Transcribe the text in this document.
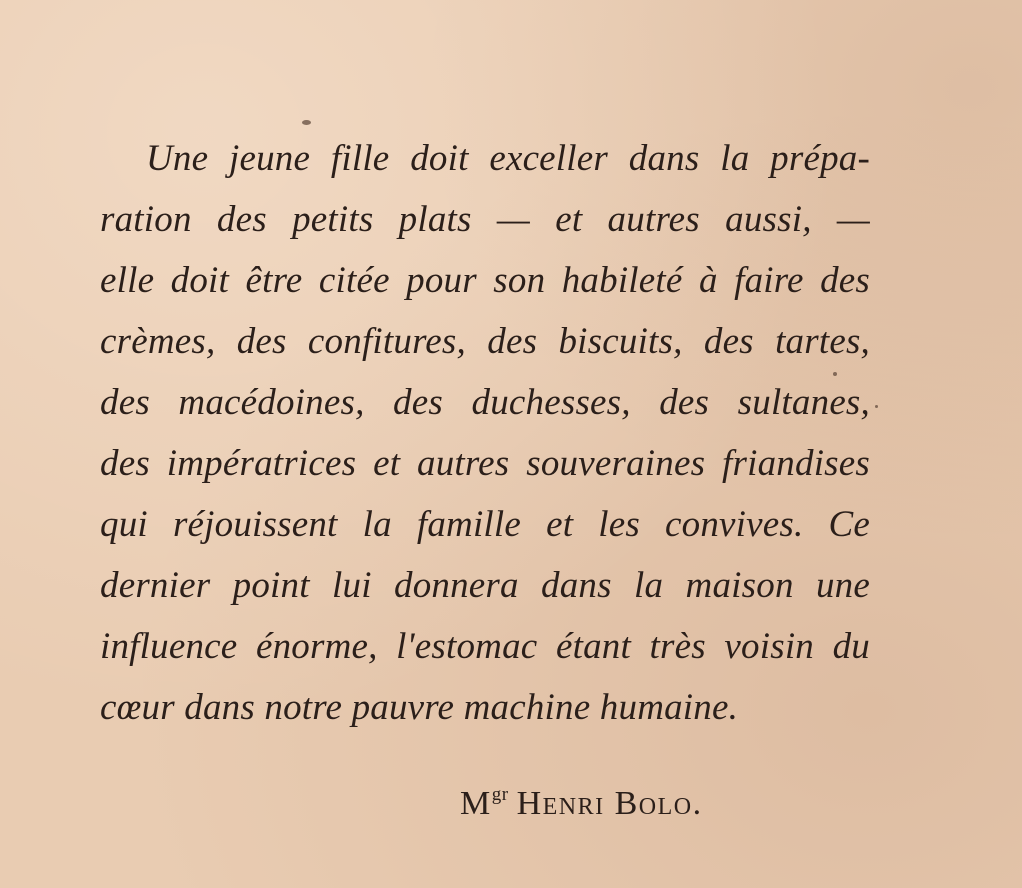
Une jeune fille doit exceller dans la prépa-
ration des petits plats — et autres aussi, —
elle doit être citée pour son habileté à faire des
crèmes, des confitures, des biscuits, des tartes,
des macédoines, des duchesses, des sultanes,
des impératrices et autres souveraines friandises
qui réjouissent la famille et les convives. Ce
dernier point lui donnera dans la maison une
influence énorme, l'estomac étant très voisin du
cœur dans notre pauvre machine humaine.
$M^{gr}$ Henri Bolo.
